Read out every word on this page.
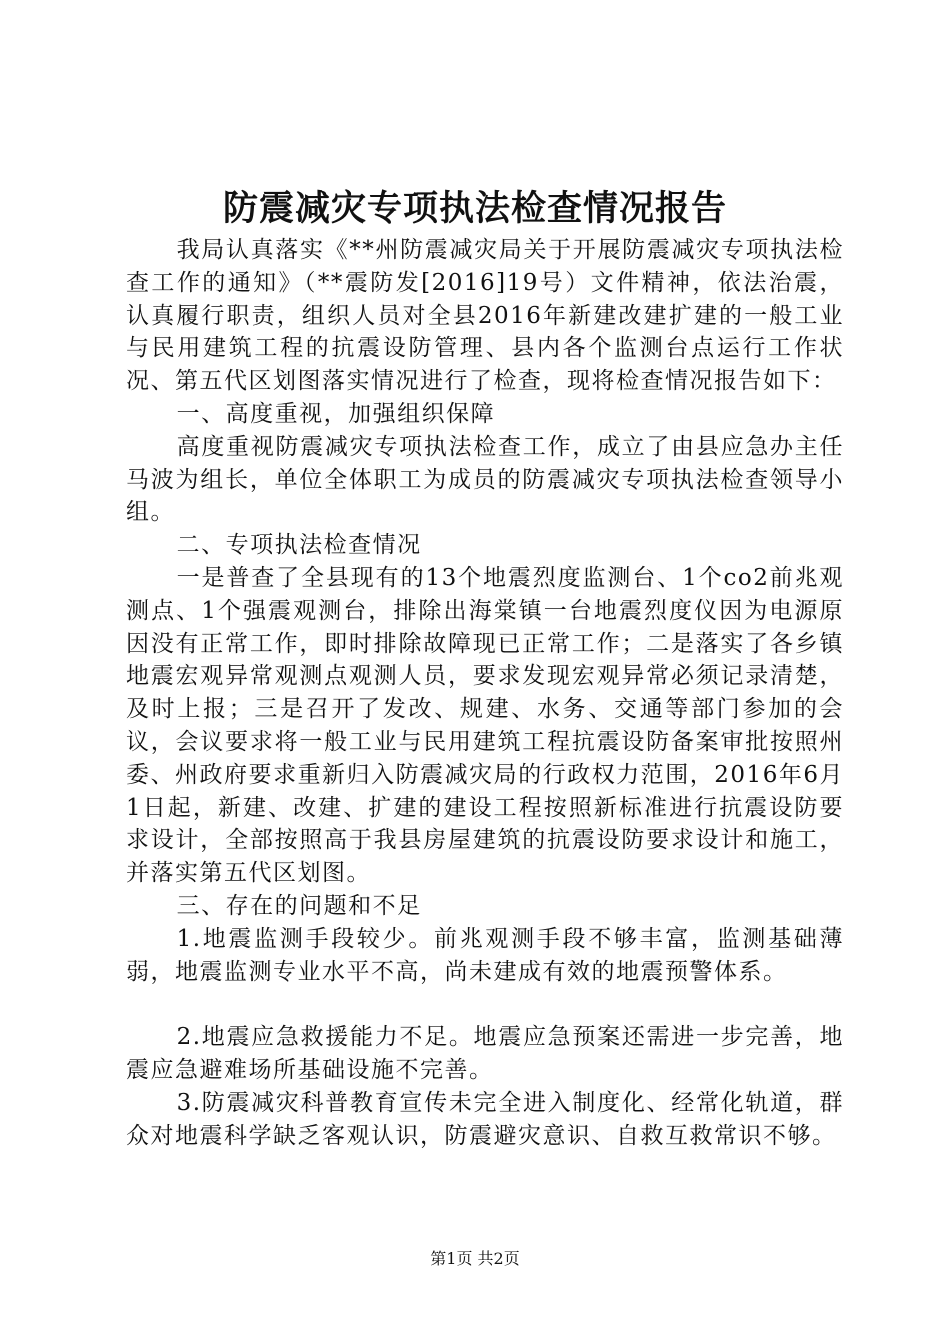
防震减灾专项执法检查情况报告

我局认真落实《**州防震减灾局关于开展防震减灾专项执法检查工作的通知》（**震防发[2016]19号）文件精神，依法治震，认真履行职责，组织人员对全县2016年新建改建扩建的一般工业与民用建筑工程的抗震设防管理、县内各个监测台点运行工作状况、第五代区划图落实情况进行了检查，现将检查情况报告如下：

一、高度重视，加强组织保障

高度重视防震减灾专项执法检查工作，成立了由县应急办主任马波为组长，单位全体职工为成员的防震减灾专项执法检查领导小组。

二、专项执法检查情况

一是普查了全县现有的13个地震烈度监测台、1个co2前兆观测点、1个强震观测台，排除出海棠镇一台地震烈度仪因为电源原因没有正常工作，即时排除故障现已正常工作；二是落实了各乡镇地震宏观异常观测点观测人员，要求发现宏观异常必须记录清楚，及时上报；三是召开了发改、规建、水务、交通等部门参加的会议，会议要求将一般工业与民用建筑工程抗震设防备案审批按照州委、州政府要求重新归入防震减灾局的行政权力范围，2016年6月1日起，新建、改建、扩建的建设工程按照新标准进行抗震设防要求设计，全部按照高于我县房屋建筑的抗震设防要求设计和施工，并落实第五代区划图。

三、存在的问题和不足

1.地震监测手段较少。前兆观测手段不够丰富，监测基础薄弱，地震监测专业水平不高，尚未建成有效的地震预警体系。

2.地震应急救援能力不足。地震应急预案还需进一步完善，地震应急避难场所基础设施不完善。

3.防震减灾科普教育宣传未完全进入制度化、经常化轨道，群众对地震科学缺乏客观认识，防震避灾意识、自救互救常识不够。

第1页 共2页
